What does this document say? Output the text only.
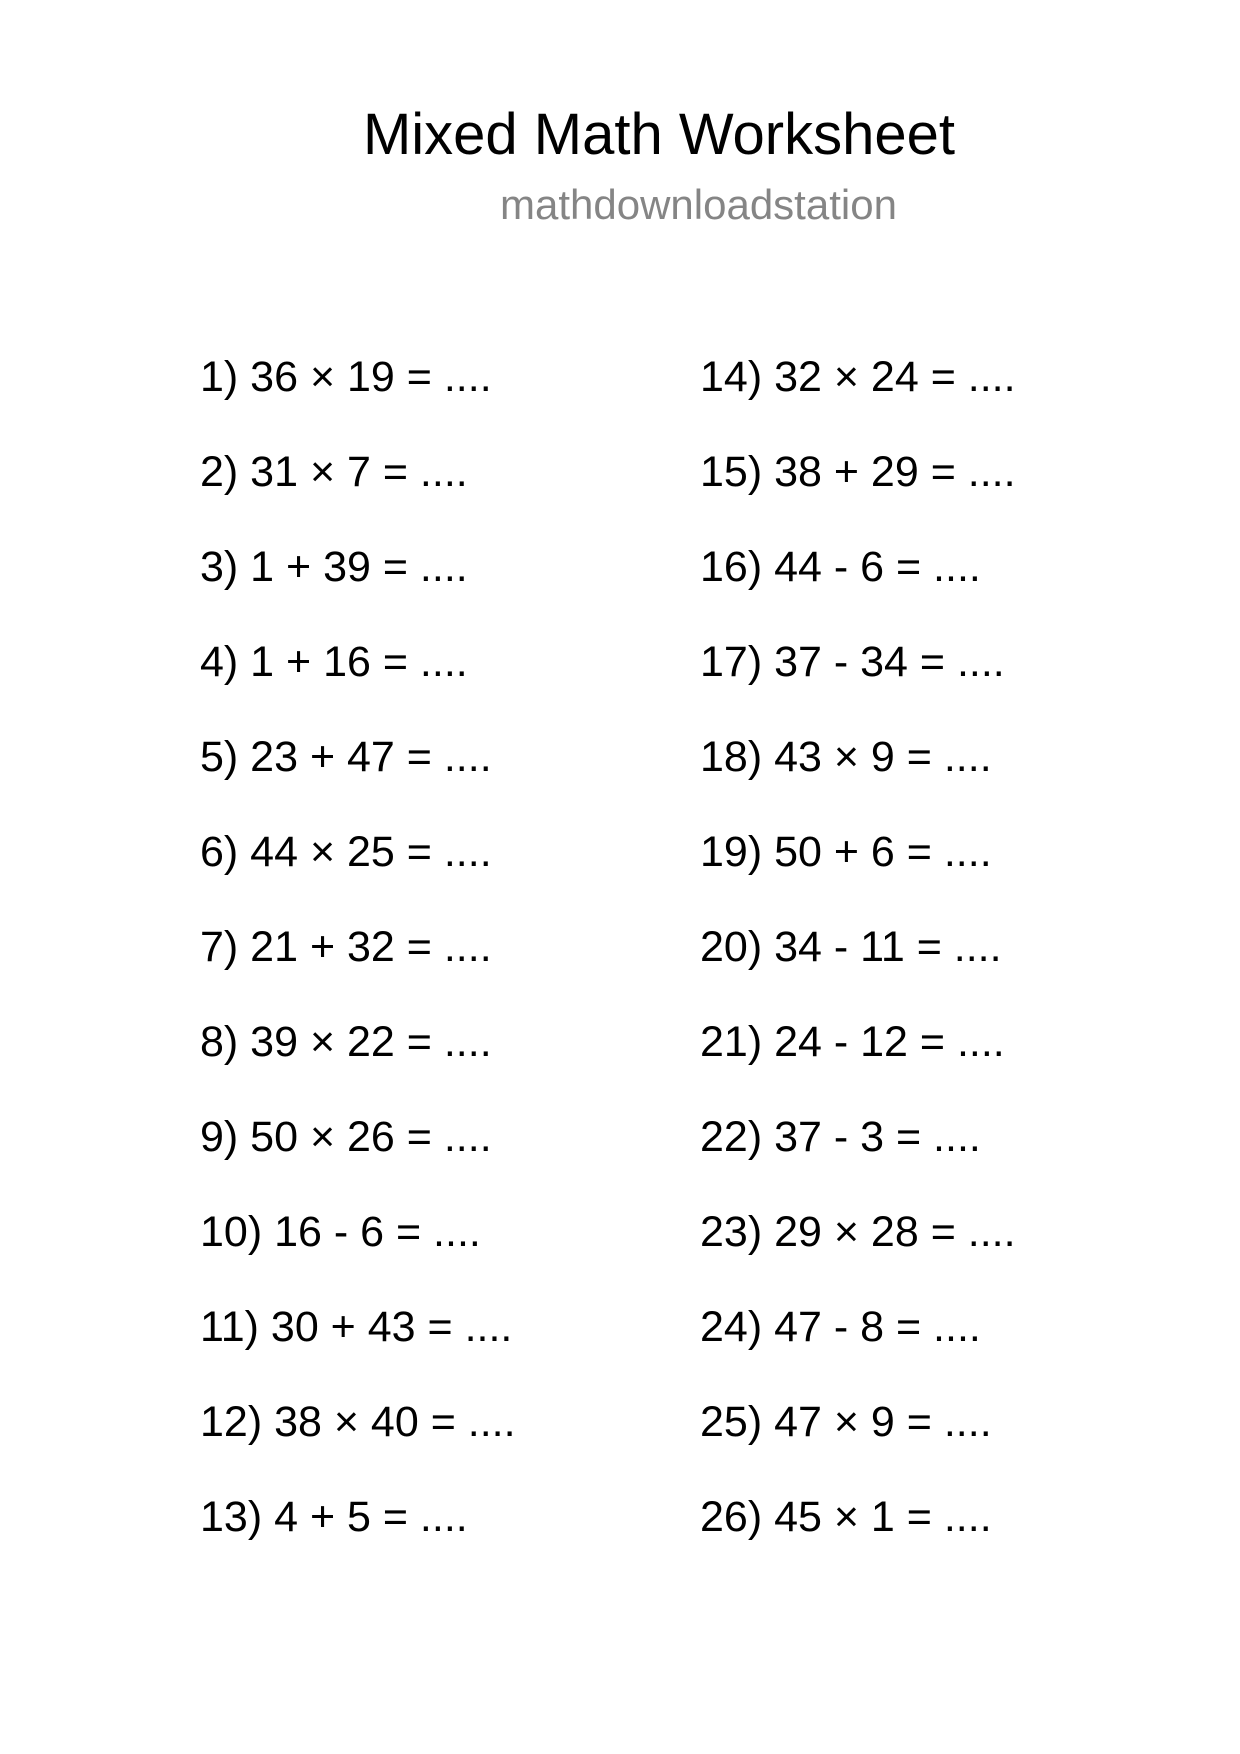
Mixed Math Worksheet
mathdownloadstation
1) 36 × 19 = ....
2) 31 × 7 = ....
3) 1 + 39 = ....
4) 1 + 16 = ....
5) 23 + 47 = ....
6) 44 × 25 = ....
7) 21 + 32 = ....
8) 39 × 22 = ....
9) 50 × 26 = ....
10) 16 - 6 = ....
11) 30 + 43 = ....
12) 38 × 40 = ....
13) 4 + 5 = ....
14) 32 × 24 = ....
15) 38 + 29 = ....
16) 44 - 6 = ....
17) 37 - 34 = ....
18) 43 × 9 = ....
19) 50 + 6 = ....
20) 34 - 11 = ....
21) 24 - 12 = ....
22) 37 - 3 = ....
23) 29 × 28 = ....
24) 47 - 8 = ....
25) 47 × 9 = ....
26) 45 × 1 = ....
